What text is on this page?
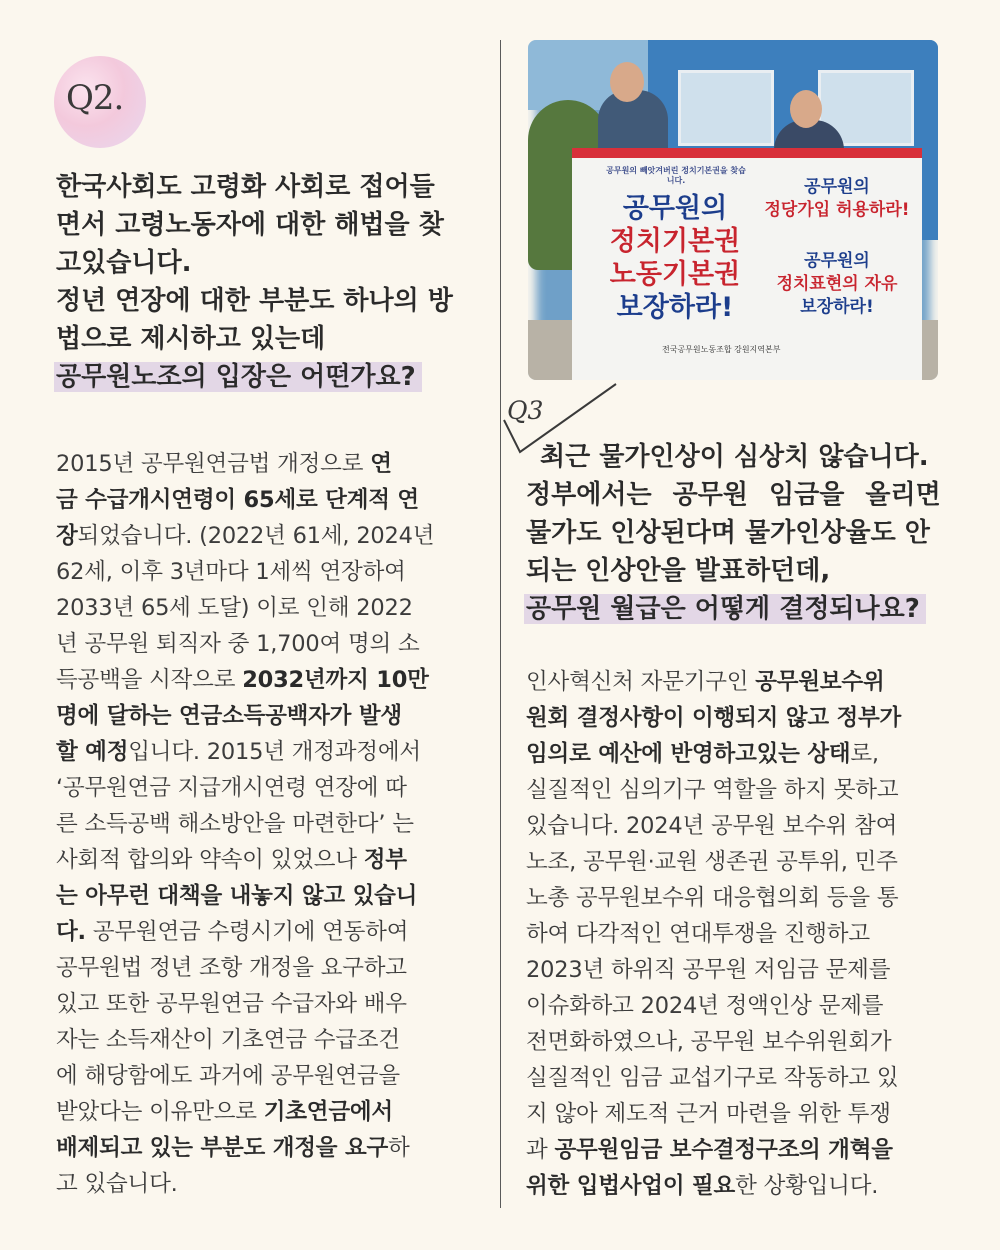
Q2.
한국사회도 고령화 사회로 접어들
면서 고령노동자에 대한 해법을 찾
고있습니다.
정년 연장에 대한 부분도 하나의 방
법으로 제시하고 있는데
공무원노조의 입장은 어떤가요?
2015년 공무원연금법 개정으로 연
금 수급개시연령이 65세로 단계적 연
장되었습니다. (2022년 61세, 2024년
62세, 이후 3년마다 1세씩 연장하여
2033년 65세 도달) 이로 인해 2022
년 공무원 퇴직자 중 1,700여 명의 소
득공백을 시작으로 2032년까지 10만
명에 달하는 연금소득공백자가 발생
할 예정입니다. 2015년 개정과정에서
‘공무원연금 지급개시연령 연장에 따
른 소득공백 해소방안을 마련한다’ 는
사회적 합의와 약속이 있었으나 정부
는 아무런 대책을 내놓지 않고 있습니
다. 공무원연금 수령시기에 연동하여
공무원법 정년 조항 개정을 요구하고
있고 또한 공무원연금 수급자와 배우
자는 소득재산이 기초연금 수급조건
에 해당함에도 과거에 공무원연금을
받았다는 이유만으로 기초연금에서
배제되고 있는 부분도 개정을 요구하
고 있습니다.
공무원의 빼앗겨버린 정치기본권을 찾습니다.
공무원의
정치기본권
노동기본권
보장하라!
공무원의
정당가입 허용하라!
공무원의
정치표현의 자유
보장하라!
전국공무원노동조합 강원지역본부
Q3
최근 물가인상이 심상치 않습니다.
정부에서는 공무원 임금을 올리면
물가도 인상된다며 물가인상율도 안
되는 인상안을 발표하던데,
공무원 월급은 어떻게 결정되나요?
인사혁신처 자문기구인 공무원보수위
원회 결정사항이 이행되지 않고 정부가
임의로 예산에 반영하고있는 상태로,
실질적인 심의기구 역할을 하지 못하고
있습니다. 2024년 공무원 보수위 참여
노조, 공무원·교원 생존권 공투위, 민주
노총 공무원보수위 대응협의회 등을 통
하여 다각적인 연대투쟁을 진행하고
2023년 하위직 공무원 저임금 문제를
이슈화하고 2024년 정액인상 문제를
전면화하였으나, 공무원 보수위원회가
실질적인 임금 교섭기구로 작동하고 있
지 않아 제도적 근거 마련을 위한 투쟁
과 공무원임금 보수결정구조의 개혁을
위한 입법사업이 필요한 상황입니다.
